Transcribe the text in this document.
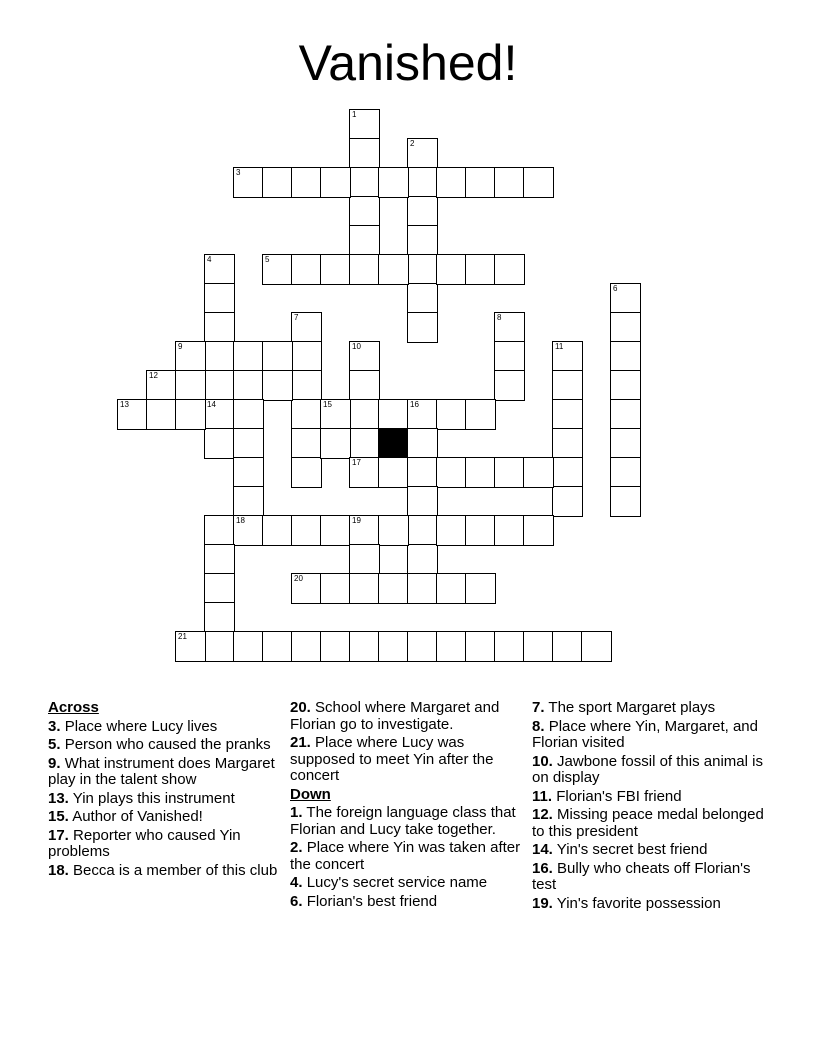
Vanished!
1
2
3
5
4
14
6
7	8
9	10	11
12
13	15	16
17
18	19
20
21
Across
3. Place where Lucy lives
5. Person who caused the pranks
9. What instrument does Margaret play in the talent show
13. Yin plays this instrument
15. Author of Vanished!
17. Reporter who caused Yin problems
18. Becca is a member of this club
20. School where Margaret and Florian go to investigate.
21. Place where Lucy was supposed to meet Yin after the concert
Down
1. The foreign language class that Florian and Lucy take together.
2. Place where Yin was taken after the concert
4. Lucy's secret service name
6. Florian's best friend
7. The sport Margaret plays
8. Place where Yin, Margaret, and Florian visited
10. Jawbone fossil of this animal is on display
11. Florian's FBI friend
12. Missing peace medal belonged to this president
14. Yin's secret best friend
16. Bully who cheats off Florian's test
19. Yin's favorite possession
